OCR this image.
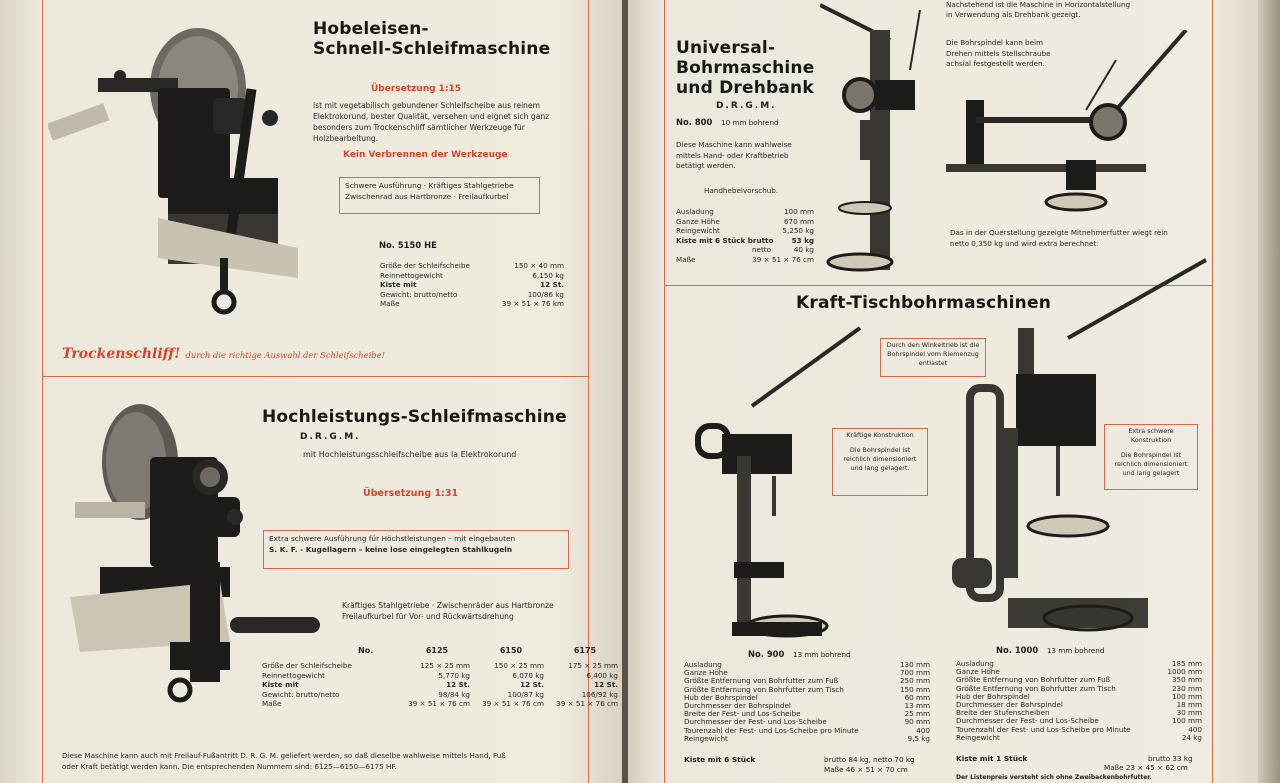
Hobeleisen-
Schnell-Schleifmaschine
Übersetzung 1:15
ist mit vegetabilisch gebundener Schleifscheibe aus reinem Elektrokorund, bester Qualität, versehen und eignet sich ganz besonders zum Trockenschliff sämtlicher Werkzeuge für Holzbearbeitung.
Kein Verbrennen der Werkzeuge
Schwere Ausführung · Kräftiges Stahlgetriebe
Zwischenrad aus Hartbronze · Freilaufkurbel
No. 5150 HE
Größe der Schleifscheibe	150 × 40 mm
Reinnettogewicht	6,150 kg
Kiste mit	12 St.
Gewicht: brutto/netto	100/86 kg
Maße	39 × 51 × 76 km
Trockenschliff! durch die richtige Auswahl der Schleifscheibe!
Hochleistungs-Schleifmaschine
D.R.G.M.
mit Hochleistungsschleifscheibe aus la Elektrokorund
Übersetzung 1:31
Extra schwere Ausführung für Höchstleistungen – mit eingebauten
S. K. F. - Kugellagern – keine lose eingelegten Stahlkugeln
Kräftiges Stahlgetriebe · Zwischenräder aus Hartbronze
Freilaufkurbel für Vor- und Rückwärtsdrehung
No.	6125	6150	6175

Größe der Schleifscheibe	125 × 25 mm	150 × 25 mm	175 × 25 mm
Reinnettogewicht	5,770 kg	6,070 kg	6,400 kg
Kiste mit	12 St.	12 St.	12 St.
Gewicht: brutto/netto	98/84 kg	100/87 kg	106/92 kg
Maße	39 × 51 × 76 cm	39 × 51 × 76 cm	39 × 51 × 76 cm
Diese Maschine kann auch mit Freilauf-Fußantritt D. R. G. M. geliefert werden, so daß dieselbe wahlweise mittels Hand, Fuß
oder Kraft betätigt werden kann. Die entsprechenden Nummern sind: 6125—6150—6175 HF.
Universal-
Bohrmaschine
und Drehbank
D.R.G.M.
No. 800 10 mm bohrend
Diese Maschine kann wahlweise mittels Hand- oder Kraftbetrieb betätigt werden.
Handhebelvorschub.
Ausladung	100 mm
Ganze Höhe	670 mm
Reingewicht	5,250 kg
Kiste mit 6 Stück brutto	53 kg
netto	40 kg
Maße	39 × 51 × 76 cm
Nachstehend ist die Maschine in Horizontalstellung
in Verwendung als Drehbank gezeigt.
Die Bohrspindel kann beim Drehen mittels Stellschraube achsial festgestellt werden.
Das in der Querstellung gezeigte Mitnehmerfutter wiegt rein netto 0,350 kg und wird extra berechnet.
Kraft-Tischbohrmaschinen
Durch den Winkeltrieb ist die Bohrspindel vom Riemenzug entlastet
Kräftige Konstruktion
Die Bohrspindel ist reichlich dimensioniert und lang gelagert.
Extra schwere Konstruktion
Die Bohrspindel ist reichlich dimensioniert und lang gelagert
No. 900 13 mm bohrend
Ausladung	130 mm
Ganze Höhe	700 mm
Größte Entfernung von Bohrfutter zum Fuß	250 mm
Größte Entfernung von Bohrfutter zum Tisch	150 mm
Hub der Bohrspindel	60 mm
Durchmesser der Bohrspindel	13 mm
Breite der Fest- und Los-Scheibe	25 mm
Durchmesser der Fest- und Los-Scheibe	90 mm
Tourenzahl der Fest- und Los-Scheibe pro Minute	400
Reingewicht	9,5 kg
Kiste mit 6 Stück	brutto 84 kg, netto 70 kg
Maße 46 × 51 × 70 cm
No. 1000 13 mm bohrend
Ausladung	185 mm
Ganze Höhe	1000 mm
Größte Entfernung von Bohrfutter zum Fuß	350 mm
Größte Entfernung von Bohrfutter zum Tisch	230 mm
Hub der Bohrspindel	100 mm
Durchmesser der Bohrspindel	18 mm
Breite der Stufenscheiben	30 mm
Durchmesser der Fest- und Los-Scheibe	100 mm
Tourenzahl der Fest- und Los-Scheibe pro Minute	400
Reingewicht	24 kg
Kiste mit 1 Stück	brutto 33 kg
Maße 23 × 45 × 62 cm
Der Listenpreis versteht sich ohne Zweibackenbohrfutter.
